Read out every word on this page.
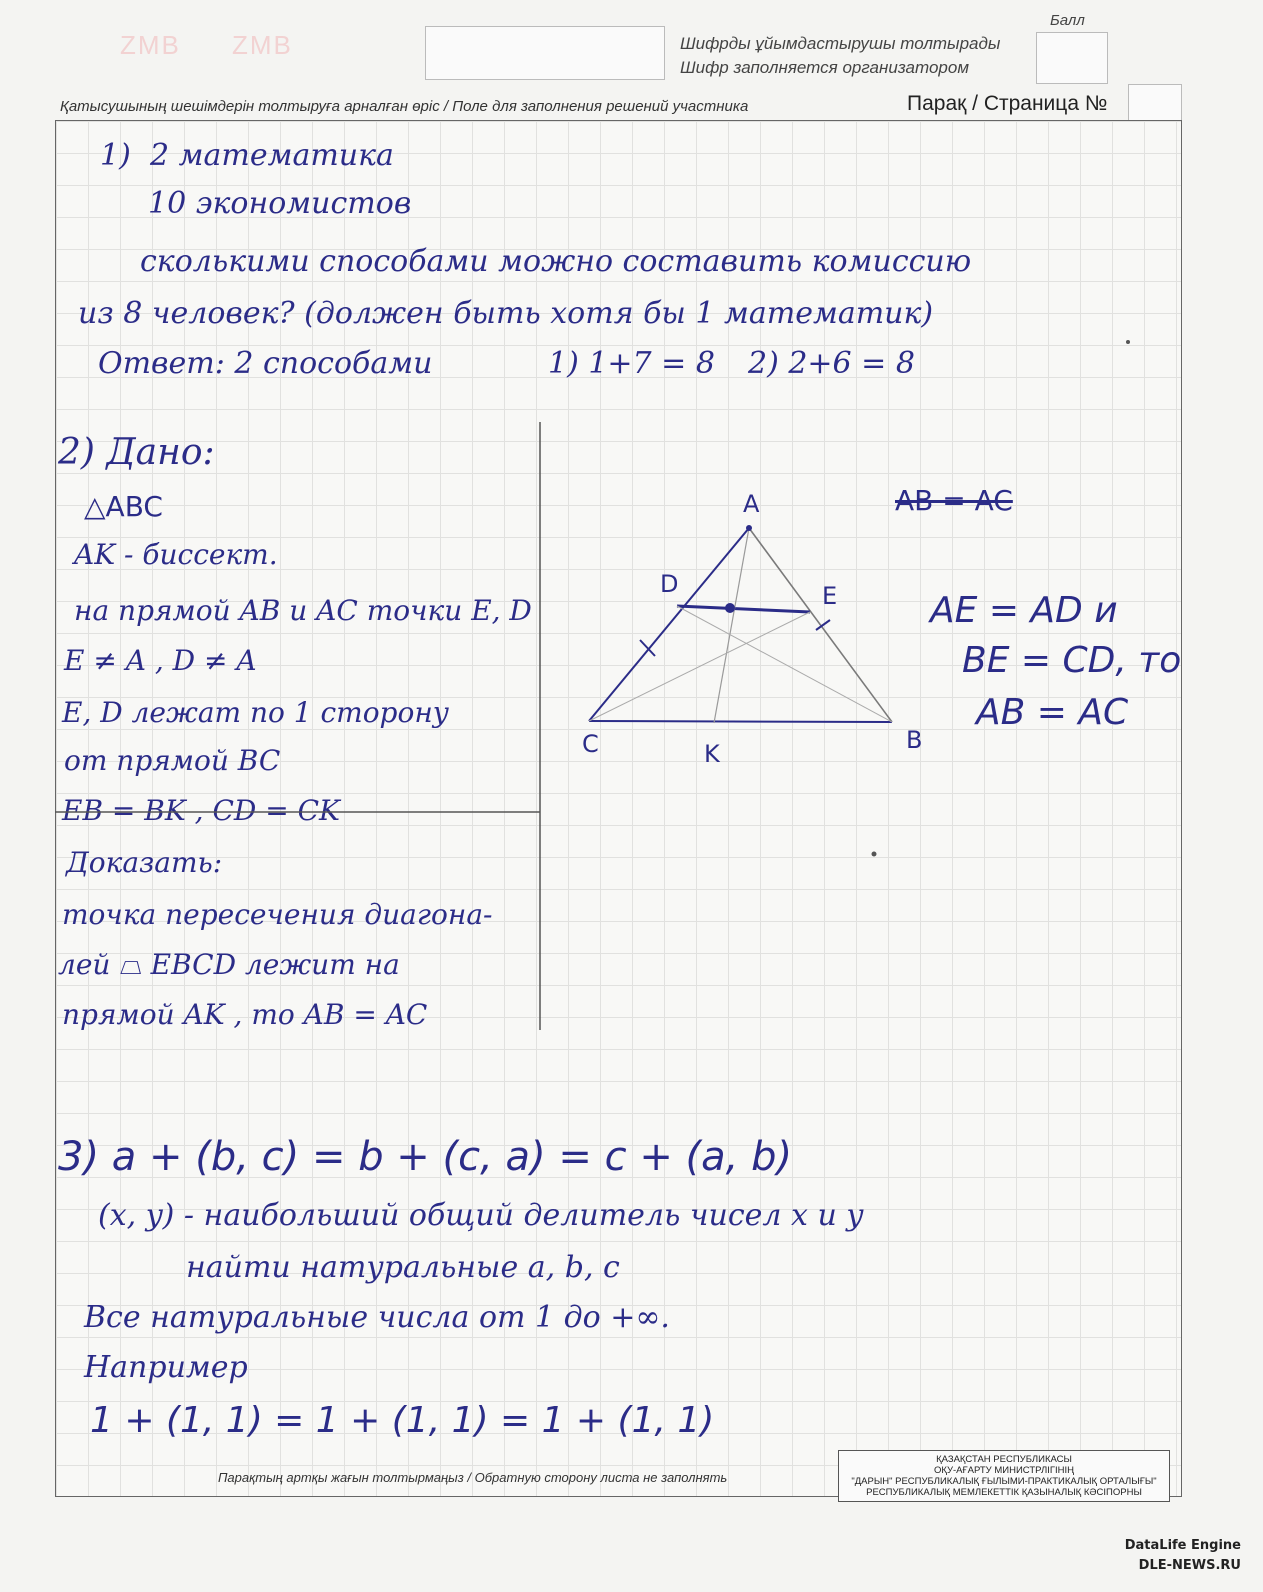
ZMB ZMB	Шифрды ұйымдастырушы толтырады
Шифр заполняется организатором
Балл
Қатысушының шешімдерін толтыруға арналған өріс / Поле для заполнения решений участника	Парақ / Страница №
1) 2 математика
10 экономистов
сколькими способами можно составить комиссию
из 8 человек? (должен быть хотя бы 1 математик)
Ответ: 2 способами	1) 1+7 = 8 2) 2+6 = 8
2) Дано:
△ABC
AK - биссект.
на прямой AB и AC точки E, D
E ≠ A , D ≠ A
E, D лежат по 1 сторону
от прямой BC
EB = BK , CD = CK
Доказать:
точка пересечения диагона-
лей ⏢ EBCD лежит на
прямой AK , то AB = AC
AB = AC
AE = AD и
BE = CD, то
AB = AC
A
D	E
C	K	B
3) a + (b, c) = b + (c, a) = c + (a, b)
(x, y) - наибольший общий делитель чисел x и y
найти натуральные a, b, c
Все натуральные числа от 1 до +∞.
Например
1 + (1, 1) = 1 + (1, 1) = 1 + (1, 1)
Парақтың артқы жағын толтырмаңыз / Обратную сторону листа не заполнять
ҚАЗАҚСТАН РЕСПУБЛИКАСЫ
ОҚУ-АҒАРТУ МИНИСТРЛІГІНІҢ
"ДАРЫН" РЕСПУБЛИКАЛЫҚ ҒЫЛЫМИ-ПРАКТИКАЛЫҚ ОРТАЛЫҒЫ"
РЕСПУБЛИКАЛЫҚ МЕМЛЕКЕТТІК ҚАЗЫНАЛЫҚ КӘСІПОРНЫ
DataLife Engine
DLE-NEWS.RU
